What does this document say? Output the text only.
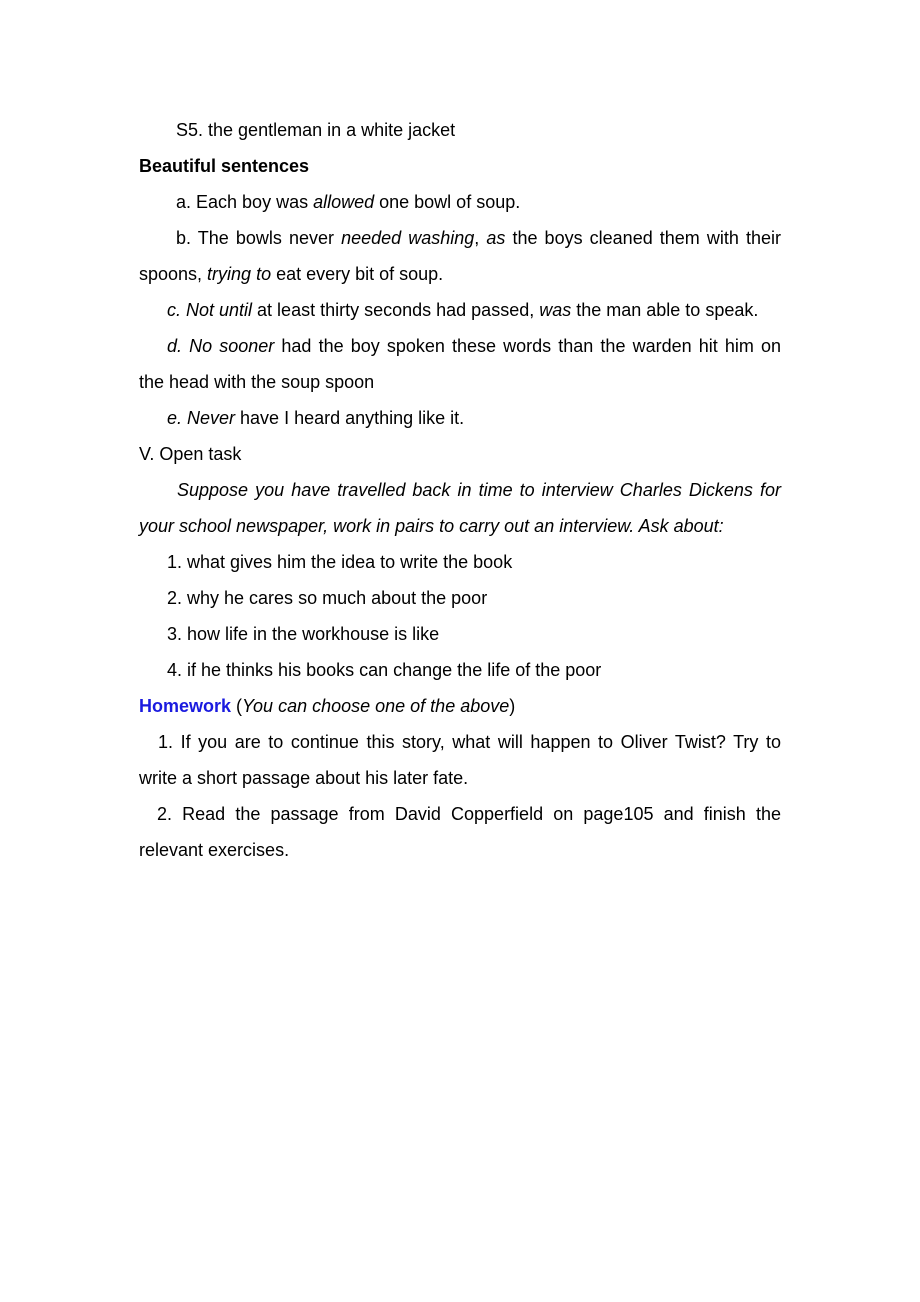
S5. the gentleman in a white jacket

Beautiful sentences

a. Each boy was allowed one bowl of soup.

b. The bowls never needed washing, as the boys cleaned them with their

spoons, trying to eat every bit of soup.

c. Not until at least thirty seconds had passed, was the man able to speak.

d. No sooner had the boy spoken these words than the warden hit him on

the head with the soup spoon

e. Never have I heard anything like it.

V. Open task

Suppose you have travelled back in time to interview Charles Dickens for

your school newspaper, work in pairs to carry out an interview. Ask about:

1. what gives him the idea to write the book

2. why he cares so much about the poor

3. how life in the workhouse is like

4. if he thinks his books can change the life of the poor

Homework (You can choose one of the above)

1. If you are to continue this story, what will happen to Oliver Twist? Try to

write a short passage about his later fate.

2. Read the passage from David Copperfield on page105 and finish the

relevant exercises.
